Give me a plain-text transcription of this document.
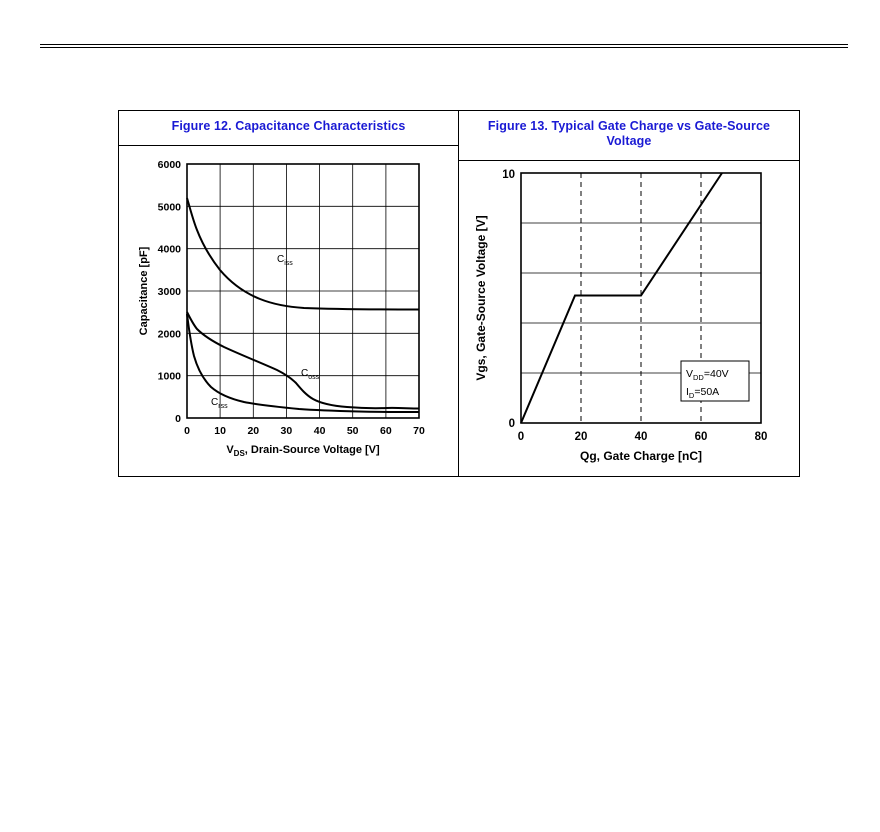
Figure 12. Capacitance Characteristics
$C_{iss}$
$C_{oss}$
$C_{rss}$
6000
5000
4000
3000
2000
1000
0
0 10 20 30 40 50 60 70
$V_{DS}$, Drain-Source Voltage [V]
Capacitance [pF]
Figure 13. Typical Gate Charge vs Gate-Source Voltage
0	20	40	60	80
10
0
$V_{DD}=40V$
$I_D=50A$
Qg, Gate Charge [nC]
Vgs, Gate-Source Voltage [V]
